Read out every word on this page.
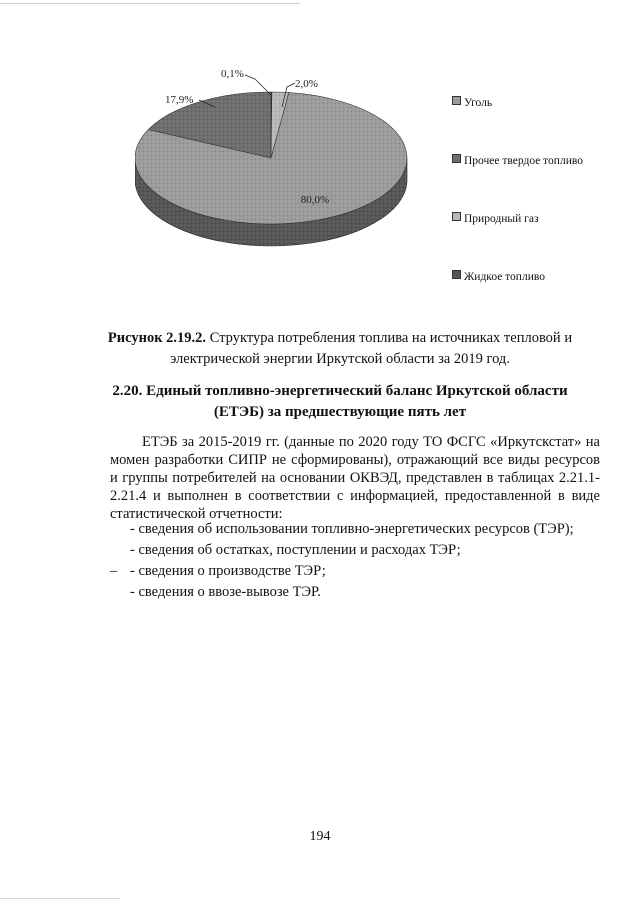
80,0%
17,9%
0,1%
2,0%
Уголь
Прочее твердое топливо
Природный газ
Жидкое топливо
Рисунок 2.19.2. Структура потребления топлива на источниках тепловой и электрической энергии Иркутской области за 2019 год.
2.20. Единый топливно-энергетический баланс Иркутской области
(ЕТЭБ) за предшествующие пять лет
ЕТЭБ за 2015-2019 гг. (данные по 2020 году ТО ФСГС «Иркутскстат» на момен разработки СИПР не сформированы), отражающий все виды ресурсов и группы потребителей на основании ОКВЭД, представлен в таблицах 2.21.1-2.21.4 и выполнен в соответствии с информацией, предоставленной в виде статистической отчетности:
- сведения об использовании топливно-энергетических ресурсов (ТЭР);
- сведения об остатках, поступлении и расходах ТЭР;
– - сведения о производстве ТЭР;
- сведения о ввозе-вывозе ТЭР.
194
